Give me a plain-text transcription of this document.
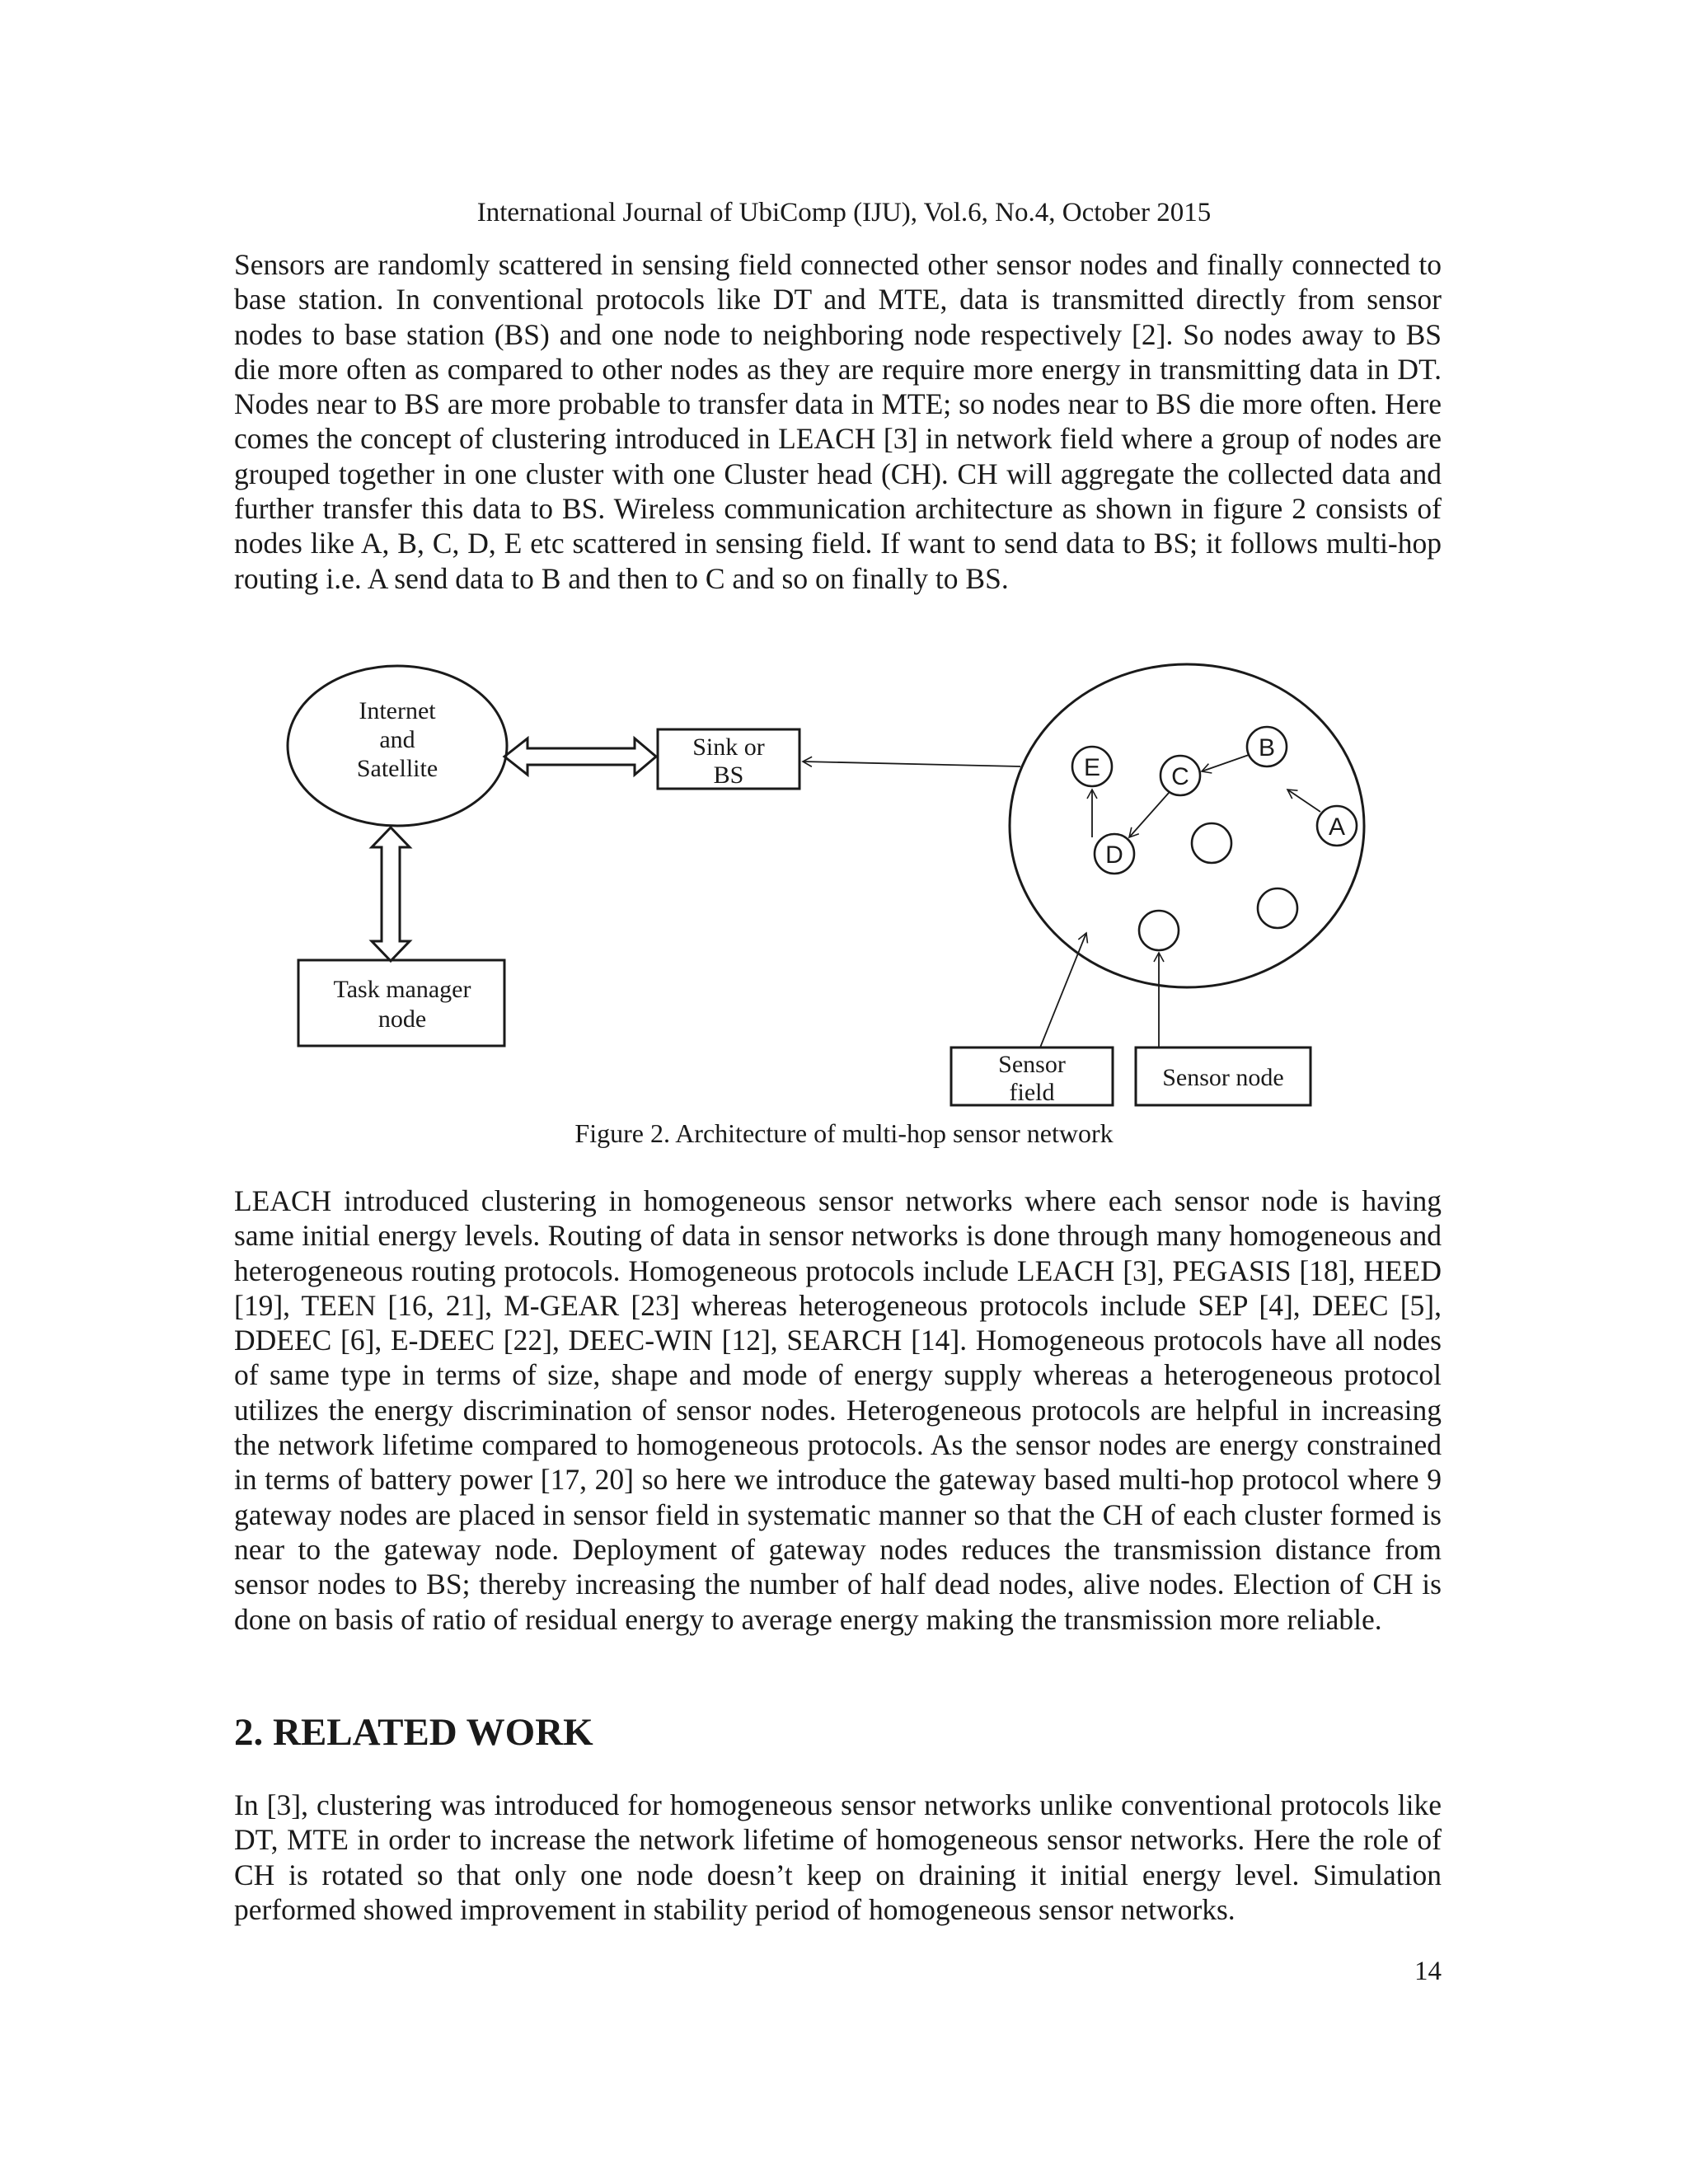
International Journal of UbiComp (IJU), Vol.6, No.4, October 2015

Sensors are randomly scattered in sensing field connected other sensor nodes and finally connected to base station. In conventional protocols like DT and MTE, data is transmitted directly from sensor nodes to base station (BS) and one node to neighboring node respectively [2]. So nodes away to BS die more often as compared to other nodes as they are require more energy in transmitting data in DT. Nodes near to BS are more probable to transfer data in MTE; so nodes near to BS die more often. Here comes the concept of clustering introduced in LEACH [3] in network field where a group of nodes are grouped together in one cluster with one Cluster head (CH). CH will aggregate the collected data and further transfer this data to BS. Wireless communication architecture as shown in figure 2 consists of nodes like A, B, C, D, E etc scattered in sensing field. If want to send data to BS; it follows multi-hop routing i.e. A send data to B and then to C and so on finally to BS.

Internet
and
Satellite
Sink or
BS
Task manager
node
E	C
B
A
D
Sensor
field
Sensor node
Figure 2. Architecture of multi-hop sensor network

LEACH introduced clustering in homogeneous sensor networks where each sensor node is having same initial energy levels. Routing of data in sensor networks is done through many homogeneous and heterogeneous routing protocols. Homogeneous protocols include LEACH [3], PEGASIS [18], HEED [19], TEEN [16, 21], M-GEAR [23] whereas heterogeneous protocols include SEP [4], DEEC [5], DDEEC [6], E-DEEC [22], DEEC-WIN [12], SEARCH [14]. Homogeneous protocols have all nodes of same type in terms of size, shape and mode of energy supply whereas a heterogeneous protocol utilizes the energy discrimination of sensor nodes. Heterogeneous protocols are helpful in increasing the network lifetime compared to homogeneous protocols. As the sensor nodes are energy constrained in terms of battery power [17, 20] so here we introduce the gateway based multi-hop protocol where 9 gateway nodes are placed in sensor field in systematic manner so that the CH of each cluster formed is near to the gateway node. Deployment of gateway nodes reduces the transmission distance from sensor nodes to BS; thereby increasing the number of half dead nodes, alive nodes. Election of CH is done on basis of ratio of residual energy to average energy making the transmission more reliable.

2. RELATED WORK

In [3], clustering was introduced for homogeneous sensor networks unlike conventional protocols like DT, MTE in order to increase the network lifetime of homogeneous sensor networks. Here the role of CH is rotated so that only one node doesn’t keep on draining it initial energy level. Simulation performed showed improvement in stability period of homogeneous sensor networks.

14
